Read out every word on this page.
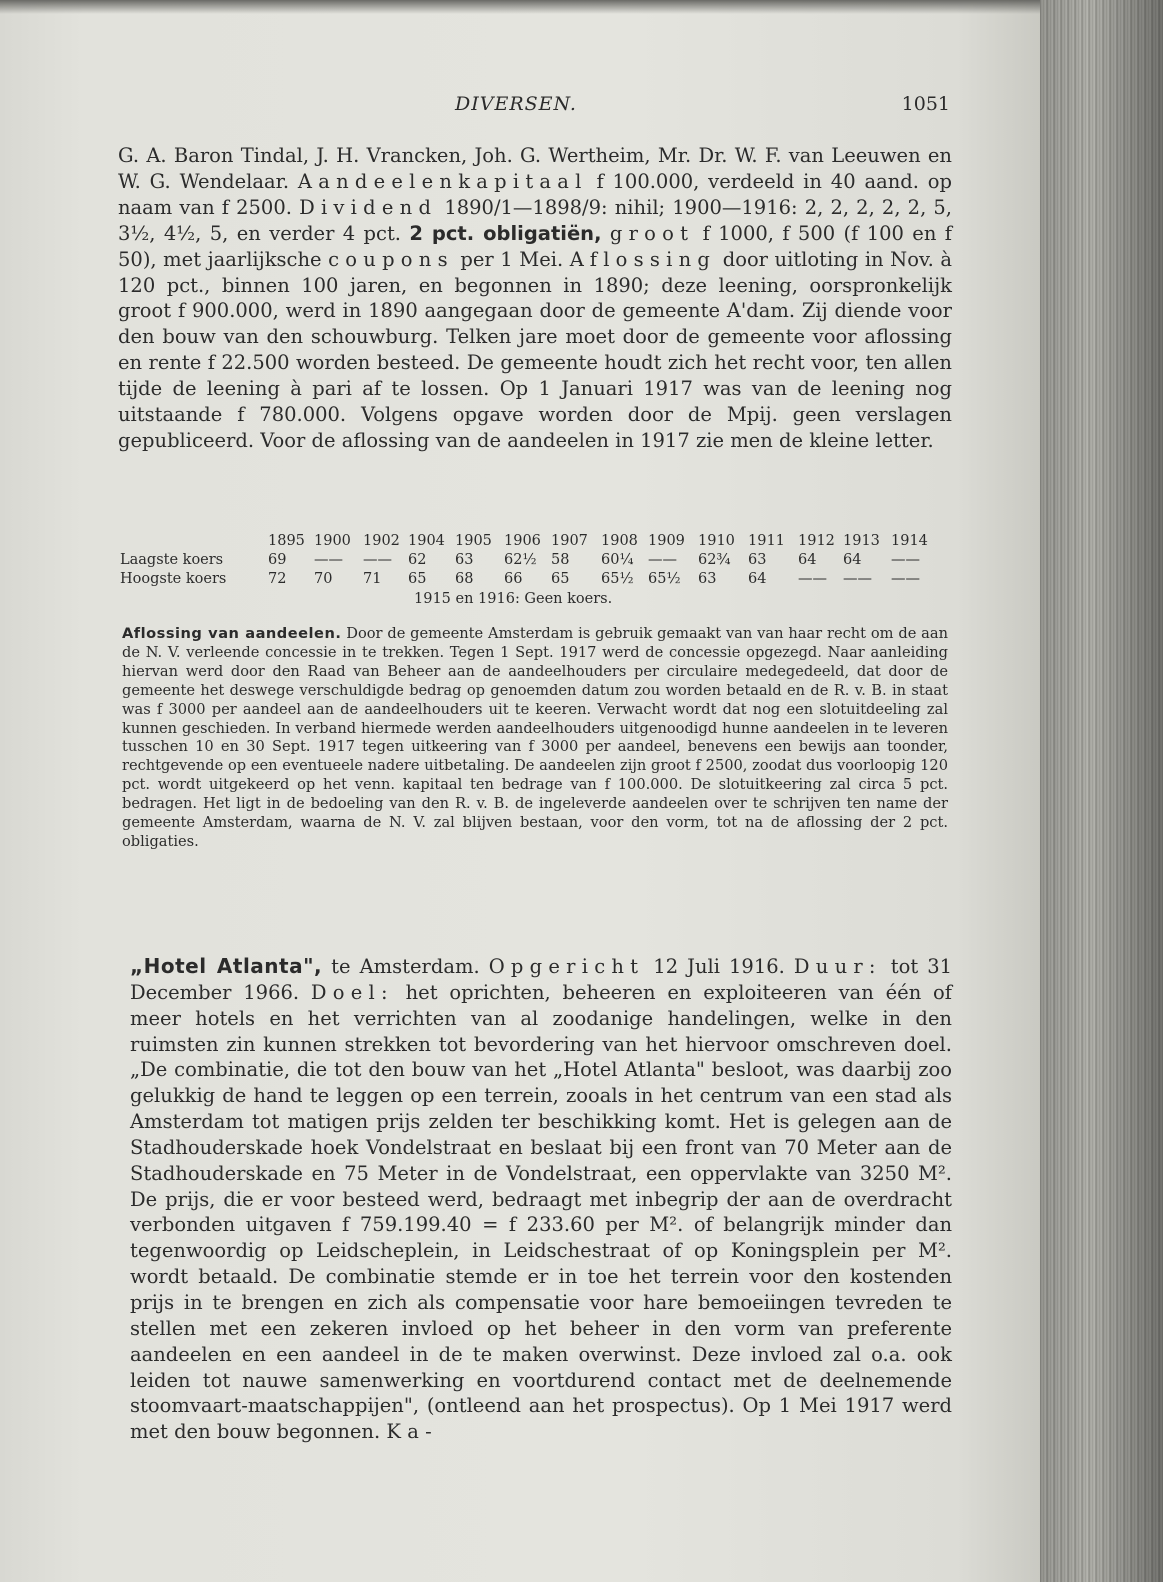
DIVERSEN.	1051
G. A. Baron Tindal, J. H. Vrancken, Joh. G. Wertheim, Mr. Dr. W. F. van Leeuwen en W. G. Wendelaar. Aandeelenkapitaal f 100.000, verdeeld in 40 aand. op naam van f 2500. Dividend 1890/1—1898/9: nihil; 1900—1916: 2, 2, 2, 2, 2, 5, 3½, 4½, 5, en verder 4 pct. 2 pct. obligatiën, groot f 1000, f 500 (f 100 en f 50), met jaarlijksche coupons per 1 Mei. Aflossing door uitloting in Nov. à 120 pct., binnen 100 jaren, en begonnen in 1890; deze leening, oorspronkelijk groot f 900.000, werd in 1890 aangegaan door de gemeente A'dam. Zij diende voor den bouw van den schouwburg. Telken jare moet door de gemeente voor aflossing en rente f 22.500 worden besteed. De gemeente houdt zich het recht voor, ten allen tijde de leening à pari af te lossen. Op 1 Januari 1917 was van de leening nog uitstaande f 780.000. Volgens opgave worden door de Mpij. geen verslagen gepubliceerd. Voor de aflossing van de aandeelen in 1917 zie men de kleine letter.
1895 1900 1902 1904 1905 1906 1907 1908 1909 1910 1911 1912 1913 1914
Laagste koers	69 —— —— 62 63 62½ 58 60¼ —— 62¾ 63 64 64 ——
Hoogste koers	72 70 71 65 68 66 65 65½ 65½ 63 64 —— —— ——
1915 en 1916: Geen koers.
Aflossing van aandeelen. Door de gemeente Amsterdam is gebruik gemaakt van van haar recht om de aan de N. V. verleende concessie in te trekken. Tegen 1 Sept. 1917 werd de concessie opgezegd. Naar aanleiding hiervan werd door den Raad van Beheer aan de aandeelhouders per circulaire medegedeeld, dat door de gemeente het deswege verschuldigde bedrag op genoemden datum zou worden betaald en de R. v. B. in staat was f 3000 per aandeel aan de aandeelhouders uit te keeren. Verwacht wordt dat nog een slotuitdeeling zal kunnen geschieden. In verband hiermede werden aandeelhouders uitgenoodigd hunne aandeelen in te leveren tusschen 10 en 30 Sept. 1917 tegen uitkeering van f 3000 per aandeel, benevens een bewijs aan toonder, rechtgevende op een eventueele nadere uitbetaling. De aandeelen zijn groot f 2500, zoodat dus voorloopig 120 pct. wordt uitgekeerd op het venn. kapitaal ten bedrage van f 100.000. De slotuitkeering zal circa 5 pct. bedragen. Het ligt in de bedoeling van den R. v. B. de ingeleverde aandeelen over te schrijven ten name der gemeente Amsterdam, waarna de N. V. zal blijven bestaan, voor den vorm, tot na de aflossing der 2 pct. obligaties.
„Hotel Atlanta", te Amsterdam. Opgericht 12 Juli 1916. Duur: tot 31 December 1966. Doel: het oprichten, beheeren en exploiteeren van één of meer hotels en het verrichten van al zoodanige handelingen, welke in den ruimsten zin kunnen strekken tot bevordering van het hiervoor omschreven doel. „De combinatie, die tot den bouw van het „Hotel Atlanta" besloot, was daarbij zoo gelukkig de hand te leggen op een terrein, zooals in het centrum van een stad als Amsterdam tot matigen prijs zelden ter beschikking komt. Het is gelegen aan de Stadhouderskade hoek Vondelstraat en beslaat bij een front van 70 Meter aan de Stadhouderskade en 75 Meter in de Vondelstraat, een oppervlakte van 3250 M². De prijs, die er voor besteed werd, bedraagt met inbegrip der aan de overdracht verbonden uitgaven f 759.199.40 = f 233.60 per M². of belangrijk minder dan tegenwoordig op Leidscheplein, in Leidschestraat of op Koningsplein per M². wordt betaald. De combinatie stemde er in toe het terrein voor den kostenden prijs in te brengen en zich als compensatie voor hare bemoeiingen tevreden te stellen met een zekeren invloed op het beheer in den vorm van preferente aandeelen en een aandeel in de te maken overwinst. Deze invloed zal o.a. ook leiden tot nauwe samenwerking en voortdurend contact met de deelnemende stoomvaart-maatschappijen", (ontleend aan het prospectus). Op 1 Mei 1917 werd met den bouw begonnen. Ka-
